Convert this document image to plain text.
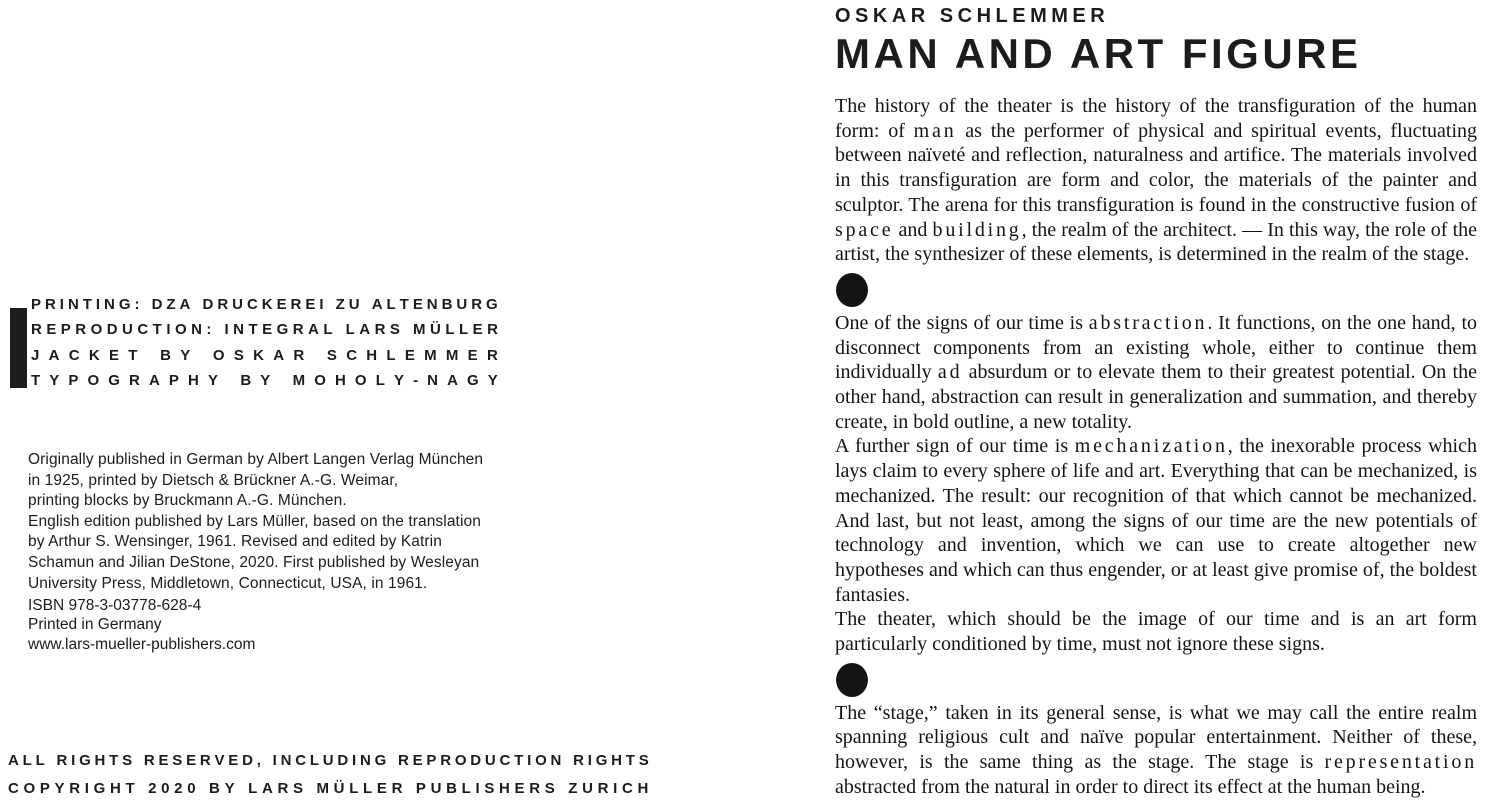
P R I N T I N G :
D Z A
D R U C K E R E I
Z U
A L T E N B U R G
R E P R O D U C T I O N :
I N T E G R A L
L A R S
M Ü L L E R
J A C K E T
B Y
O S K A R
S C H L E M M E R
T Y P O G R A P H Y
B Y
M O H O L Y - N A G Y
Originally published in German by Albert Langen Verlag München
in 1925, printed by Dietsch & Brückner A.-G. Weimar,
printing blocks by Bruckmann A.-G. München.
English edition published by Lars Müller, based on the translation
by Arthur S. Wensinger, 1961. Revised and edited by Katrin
Schamun and Jilian DeStone, 2020. First published by Wesleyan
University Press, Middletown, Connecticut, USA, in 1961.
ISBN 978-3-03778-628-4
Printed in Germany
www.lars-mueller-publishers.com
A L L
R I G H T S
R E S E R V E D ,
I N C L U D I N G
R E P R O D U C T I O N
R I G H T S
C O P Y R I G H T
2 0 2 0
B Y
L A R S
M Ü L L E R
P U B L I S H E R S
Z U R I C H
OSKAR SCHLEMMER
MAN AND ART FIGURE

The history of the theater is the history of the transfiguration of the human form: of man as the performer of physical and spiritual events, fluctuating between naïveté and reflection, naturalness and artifice. The materials involved in this transfiguration are form and color, the materials of the painter and sculptor. The arena for this transfiguration is found in the constructive fusion of space and building, the realm of the architect. — In this way, the role of the artist, the synthesizer of these elements, is determined in the realm of the stage.

One of the signs of our time is abstraction. It functions, on the one hand, to disconnect components from an existing whole, either to continue them individually ad absurdum or to elevate them to their greatest potential. On the other hand, abstraction can result in generalization and summation, and thereby create, in bold outline, a new totality.

A further sign of our time is mechanization, the inexorable process which lays claim to every sphere of life and art. Everything that can be mechanized, is mechanized. The result: our recognition of that which cannot be mechanized. And last, but not least, among the signs of our time are the new potentials of technology and invention, which we can use to create altogether new hypotheses and which can thus engender, or at least give promise of, the boldest fantasies.

The theater, which should be the image of our time and is an art form particularly conditioned by time, must not ignore these signs.

The “stage,” taken in its general sense, is what we may call the entire realm spanning religious cult and naïve popular entertainment. Neither of these, however, is the same thing as the stage. The stage is representation abstracted from the natural in order to direct its effect at the human being.
